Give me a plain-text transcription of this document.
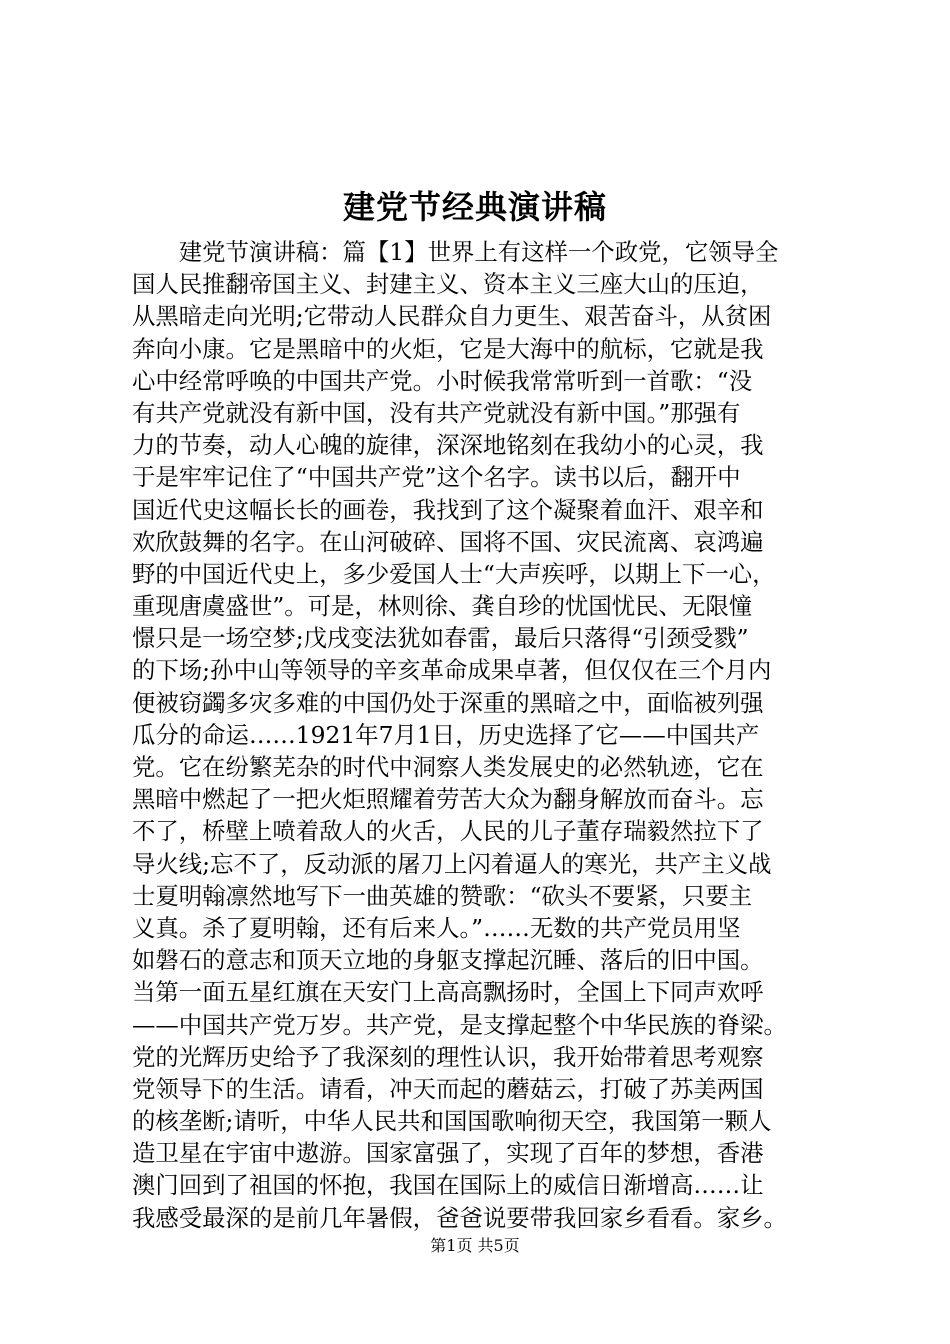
建党节经典演讲稿
　　建党节演讲稿：篇【1】世界上有这样一个政党，它领导全
国人民推翻帝国主义、封建主义、资本主义三座大山的压迫，
从黑暗走向光明;它带动人民群众自力更生、艰苦奋斗，从贫困
奔向小康。它是黑暗中的火炬，它是大海中的航标，它就是我
心中经常呼唤的中国共产党。小时候我常常听到一首歌：“没
有共产党就没有新中国，没有共产党就没有新中国。”那强有
力的节奏，动人心魄的旋律，深深地铭刻在我幼小的心灵，我
于是牢牢记住了“中国共产党”这个名字。读书以后，翻开中
国近代史这幅长长的画卷，我找到了这个凝聚着血汗、艰辛和
欢欣鼓舞的名字。在山河破碎、国将不国、灾民流离、哀鸿遍
野的中国近代史上，多少爱国人士“大声疾呼，以期上下一心，
重现唐虞盛世”。可是，林则徐、龚自珍的忧国忧民、无限憧
憬只是一场空梦;戊戌变法犹如春雷，最后只落得“引颈受戮”
的下场;孙中山等领导的辛亥革命成果卓著，但仅仅在三个月内
便被窃蠲多灾多难的中国仍处于深重的黑暗之中，面临被列强
瓜分的命运……1921年7月1日，历史选择了它——中国共产
党。它在纷繁芜杂的时代中洞察人类发展史的必然轨迹，它在
黑暗中燃起了一把火炬照耀着劳苦大众为翻身解放而奋斗。忘
不了，桥壁上喷着敌人的火舌，人民的儿子董存瑞毅然拉下了
导火线;忘不了，反动派的屠刀上闪着逼人的寒光，共产主义战
士夏明翰凛然地写下一曲英雄的赞歌：“砍头不要紧，只要主
义真。杀了夏明翰，还有后来人。”……无数的共产党员用坚
如磐石的意志和顶天立地的身躯支撑起沉睡、落后的旧中国。
当第一面五星红旗在天安门上高高飘扬时，全国上下同声欢呼
——中国共产党万岁。共产党，是支撑起整个中华民族的脊梁。
党的光辉历史给予了我深刻的理性认识，我开始带着思考观察
党领导下的生活。请看，冲天而起的蘑菇云，打破了苏美两国
的核垄断;请听，中华人民共和国国歌响彻天空，我国第一颗人
造卫星在宇宙中遨游。国家富强了，实现了百年的梦想，香港
澳门回到了祖国的怀抱，我国在国际上的威信日渐增高……让
我感受最深的是前几年暑假，爸爸说要带我回家乡看看。家乡。
第1页 共5页
